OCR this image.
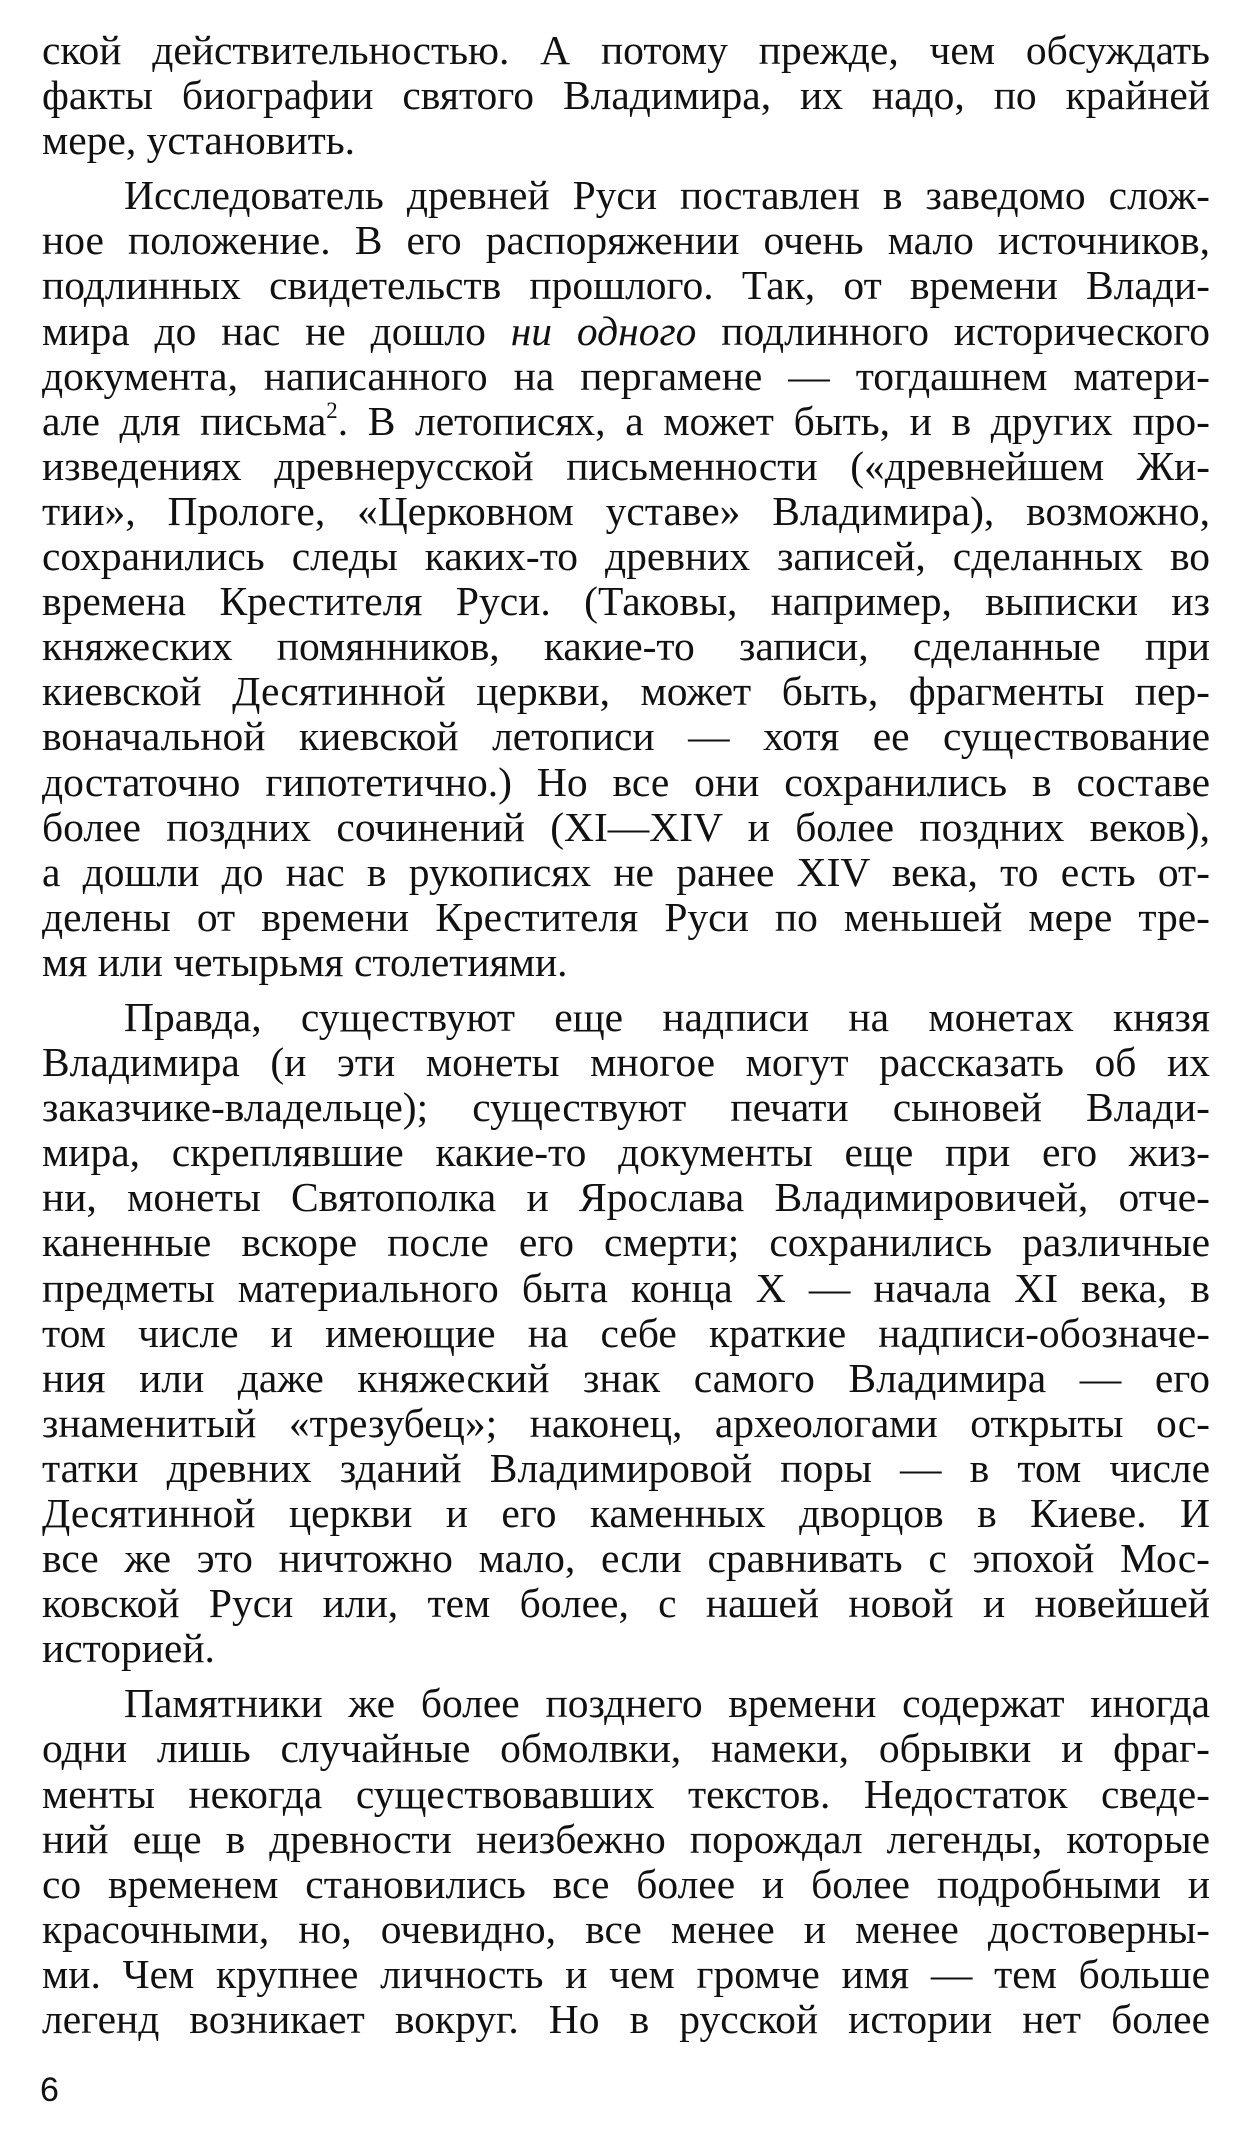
ской действительностью. А потому прежде, чем обсуждать
факты биографии святого Владимира, их надо, по крайней
мере, установить.
Исследователь древней Руси поставлен в заведомо слож-
ное положение. В его распоряжении очень мало источников,
подлинных свидетельств прошлого. Так, от времени Влади-
мира до нас не дошло ни одного подлинного исторического
документа, написанного на пергамене — тогдашнем матери-
але для письма$^2$. В летописях, а может быть, и в других про-
изведениях древнерусской письменности («древнейшем Жи-
тии», Прологе, «Церковном уставе» Владимира), возможно,
сохранились следы каких-то древних записей, сделанных во
времена Крестителя Руси. (Таковы, например, выписки из
княжеских помянников, какие-то записи, сделанные при
киевской Десятинной церкви, может быть, фрагменты пер-
воначальной киевской летописи — хотя ее существование
достаточно гипотетично.) Но все они сохранились в составе
более поздних сочинений (XI—XIV и более поздних веков),
а дошли до нас в рукописях не ранее XIV века, то есть от-
делены от времени Крестителя Руси по меньшей мере тре-
мя или четырьмя столетиями.
Правда, существуют еще надписи на монетах князя
Владимира (и эти монеты многое могут рассказать об их
заказчике-владельце); существуют печати сыновей Влади-
мира, скреплявшие какие-то документы еще при его жиз-
ни, монеты Святополка и Ярослава Владимировичей, отче-
каненные вскоре после его смерти; сохранились различные
предметы материального быта конца X — начала XI века, в
том числе и имеющие на себе краткие надписи-обозначе-
ния или даже княжеский знак самого Владимира — его
знаменитый «трезубец»; наконец, археологами открыты ос-
татки древних зданий Владимировой поры — в том числе
Десятинной церкви и его каменных дворцов в Киеве. И
все же это ничтожно мало, если сравнивать с эпохой Мос-
ковской Руси или, тем более, с нашей новой и новейшей
историей.
Памятники же более позднего времени содержат иногда
одни лишь случайные обмолвки, намеки, обрывки и фраг-
менты некогда существовавших текстов. Недостаток сведе-
ний еще в древности неизбежно порождал легенды, которые
со временем становились все более и более подробными и
красочными, но, очевидно, все менее и менее достоверны-
ми. Чем крупнее личность и чем громче имя — тем больше
легенд возникает вокруг. Но в русской истории нет более
6
